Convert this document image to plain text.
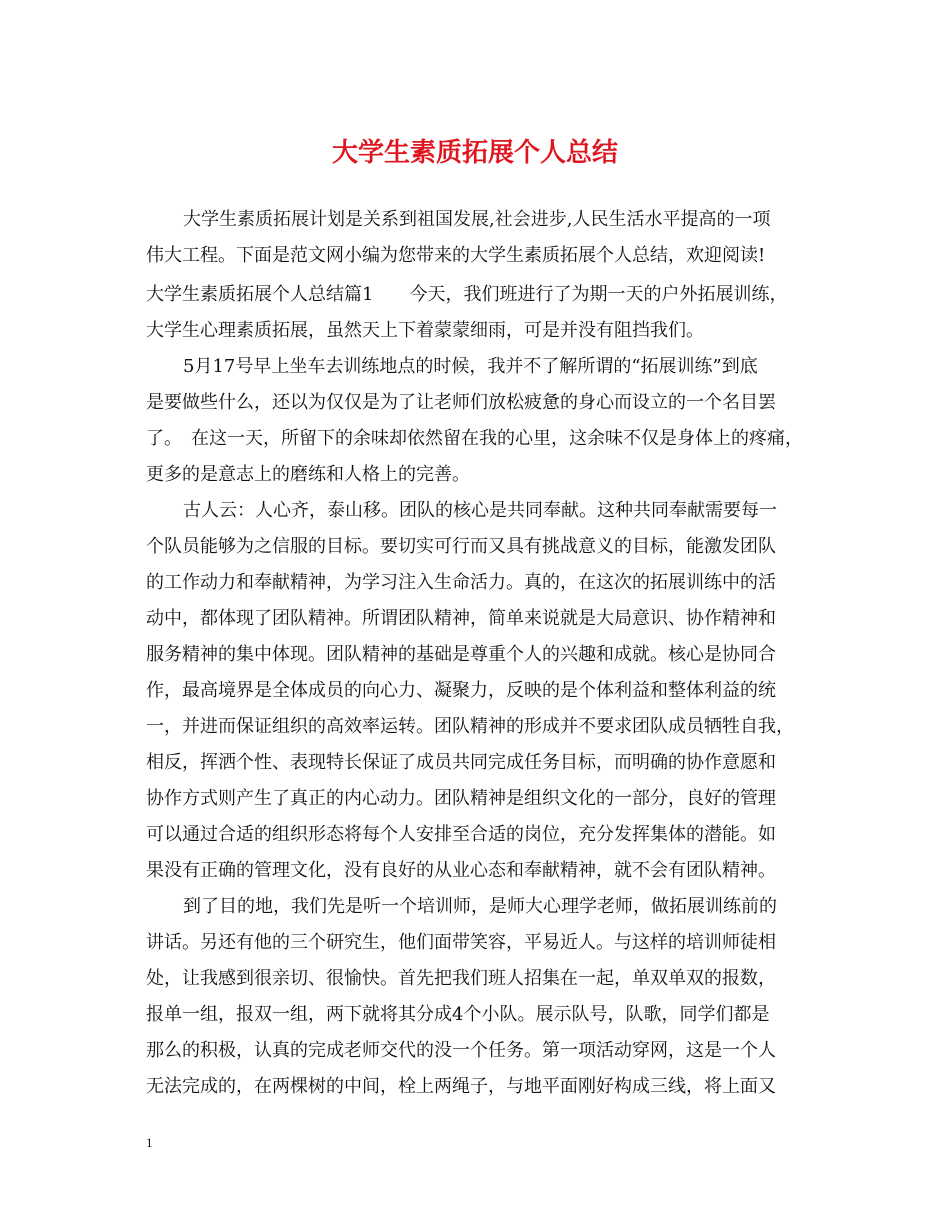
大学生素质拓展个人总结
大学生素质拓展计划是关系到祖国发展,社会进步,人民生活水平提高的一项
伟大工程。下面是范文网小编为您带来的大学生素质拓展个人总结，欢迎阅读!
大学生素质拓展个人总结篇1　　今天，我们班进行了为期一天的户外拓展训练，
大学生心理素质拓展，虽然天上下着蒙蒙细雨，可是并没有阻挡我们。
5月17号早上坐车去训练地点的时候，我并不了解所谓的“拓展训练”到底
是要做些什么，还以为仅仅是为了让老师们放松疲惫的身心而设立的一个名目罢
了。　在这一天，所留下的余味却依然留在我的心里，这余味不仅是身体上的疼痛，
更多的是意志上的磨练和人格上的完善。
古人云：人心齐，泰山移。团队的核心是共同奉献。这种共同奉献需要每一
个队员能够为之信服的目标。要切实可行而又具有挑战意义的目标，能激发团队
的工作动力和奉献精神，为学习注入生命活力。真的，在这次的拓展训练中的活
动中，都体现了团队精神。所谓团队精神，简单来说就是大局意识、协作精神和
服务精神的集中体现。团队精神的基础是尊重个人的兴趣和成就。核心是协同合
作，最高境界是全体成员的向心力、凝聚力，反映的是个体利益和整体利益的统
一，并进而保证组织的高效率运转。团队精神的形成并不要求团队成员牺牲自我，
相反，挥洒个性、表现特长保证了成员共同完成任务目标，而明确的协作意愿和
协作方式则产生了真正的内心动力。团队精神是组织文化的一部分，良好的管理
可以通过合适的组织形态将每个人安排至合适的岗位，充分发挥集体的潜能。如
果没有正确的管理文化，没有良好的从业心态和奉献精神，就不会有团队精神。
到了目的地，我们先是听一个培训师，是师大心理学老师，做拓展训练前的
讲话。另还有他的三个研究生，他们面带笑容，平易近人。与这样的培训师徒相
处，让我感到很亲切、很愉快。首先把我们班人招集在一起，单双单双的报数，
报单一组，报双一组，两下就将其分成4个小队。展示队号，队歌，同学们都是
那么的积极，认真的完成老师交代的没一个任务。第一项活动穿网，这是一个人
无法完成的，在两棵树的中间，栓上两绳子，与地平面刚好构成三线，将上面又
1
